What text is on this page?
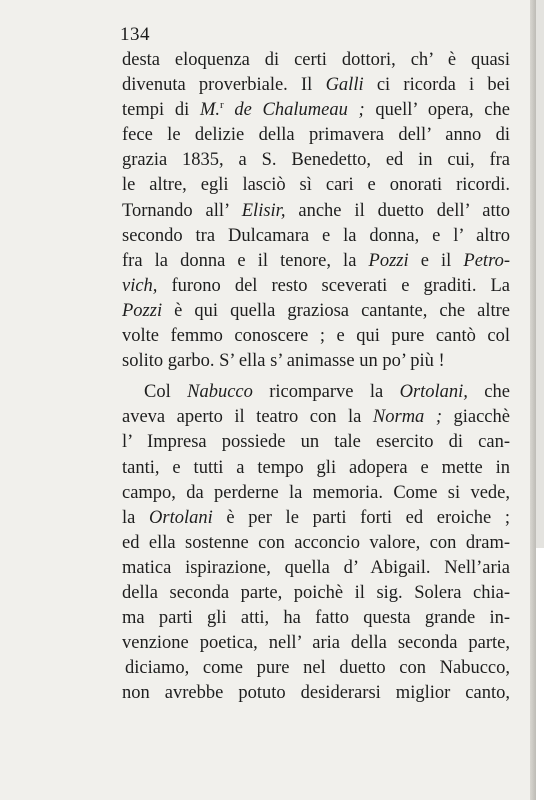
134
desta eloquenza di certi dottori, ch’ è quasi
divenuta proverbiale. Il Galli ci ricorda i bei
tempi di M.$^r$ de Chalumeau ; quell’ opera, che
fece le delizie della primavera dell’ anno di
grazia 1835, a S. Benedetto, ed in cui, fra
le altre, egli lasciò sì cari e onorati ricordi.
Tornando all’ Elisir, anche il duetto dell’ atto
secondo tra Dulcamara e la donna, e l’ altro
fra la donna e il tenore, la Pozzi e il Petro-
vich, furono del resto sceverati e graditi. La
Pozzi è qui quella graziosa cantante, che altre
volte femmo conoscere ; e qui pure cantò col
solito garbo. S’ ella s’ animasse un po’ più !
Col Nabucco ricomparve la Ortolani, che
aveva aperto il teatro con la Norma ; giacchè
l’ Impresa possiede un tale esercito di can-
tanti, e tutti a tempo gli adopera e mette in
campo, da perderne la memoria. Come si vede,
la Ortolani è per le parti forti ed eroiche ;
ed ella sostenne con acconcio valore, con dram-
matica ispirazione, quella d’ Abigail. Nell’aria
della seconda parte, poichè il sig. Solera chia-
ma parti gli atti, ha fatto questa grande in-
venzione poetica, nell’ aria della seconda parte,
diciamo, come pure nel duetto con Nabucco,
non avrebbe potuto desiderarsi miglior canto,
